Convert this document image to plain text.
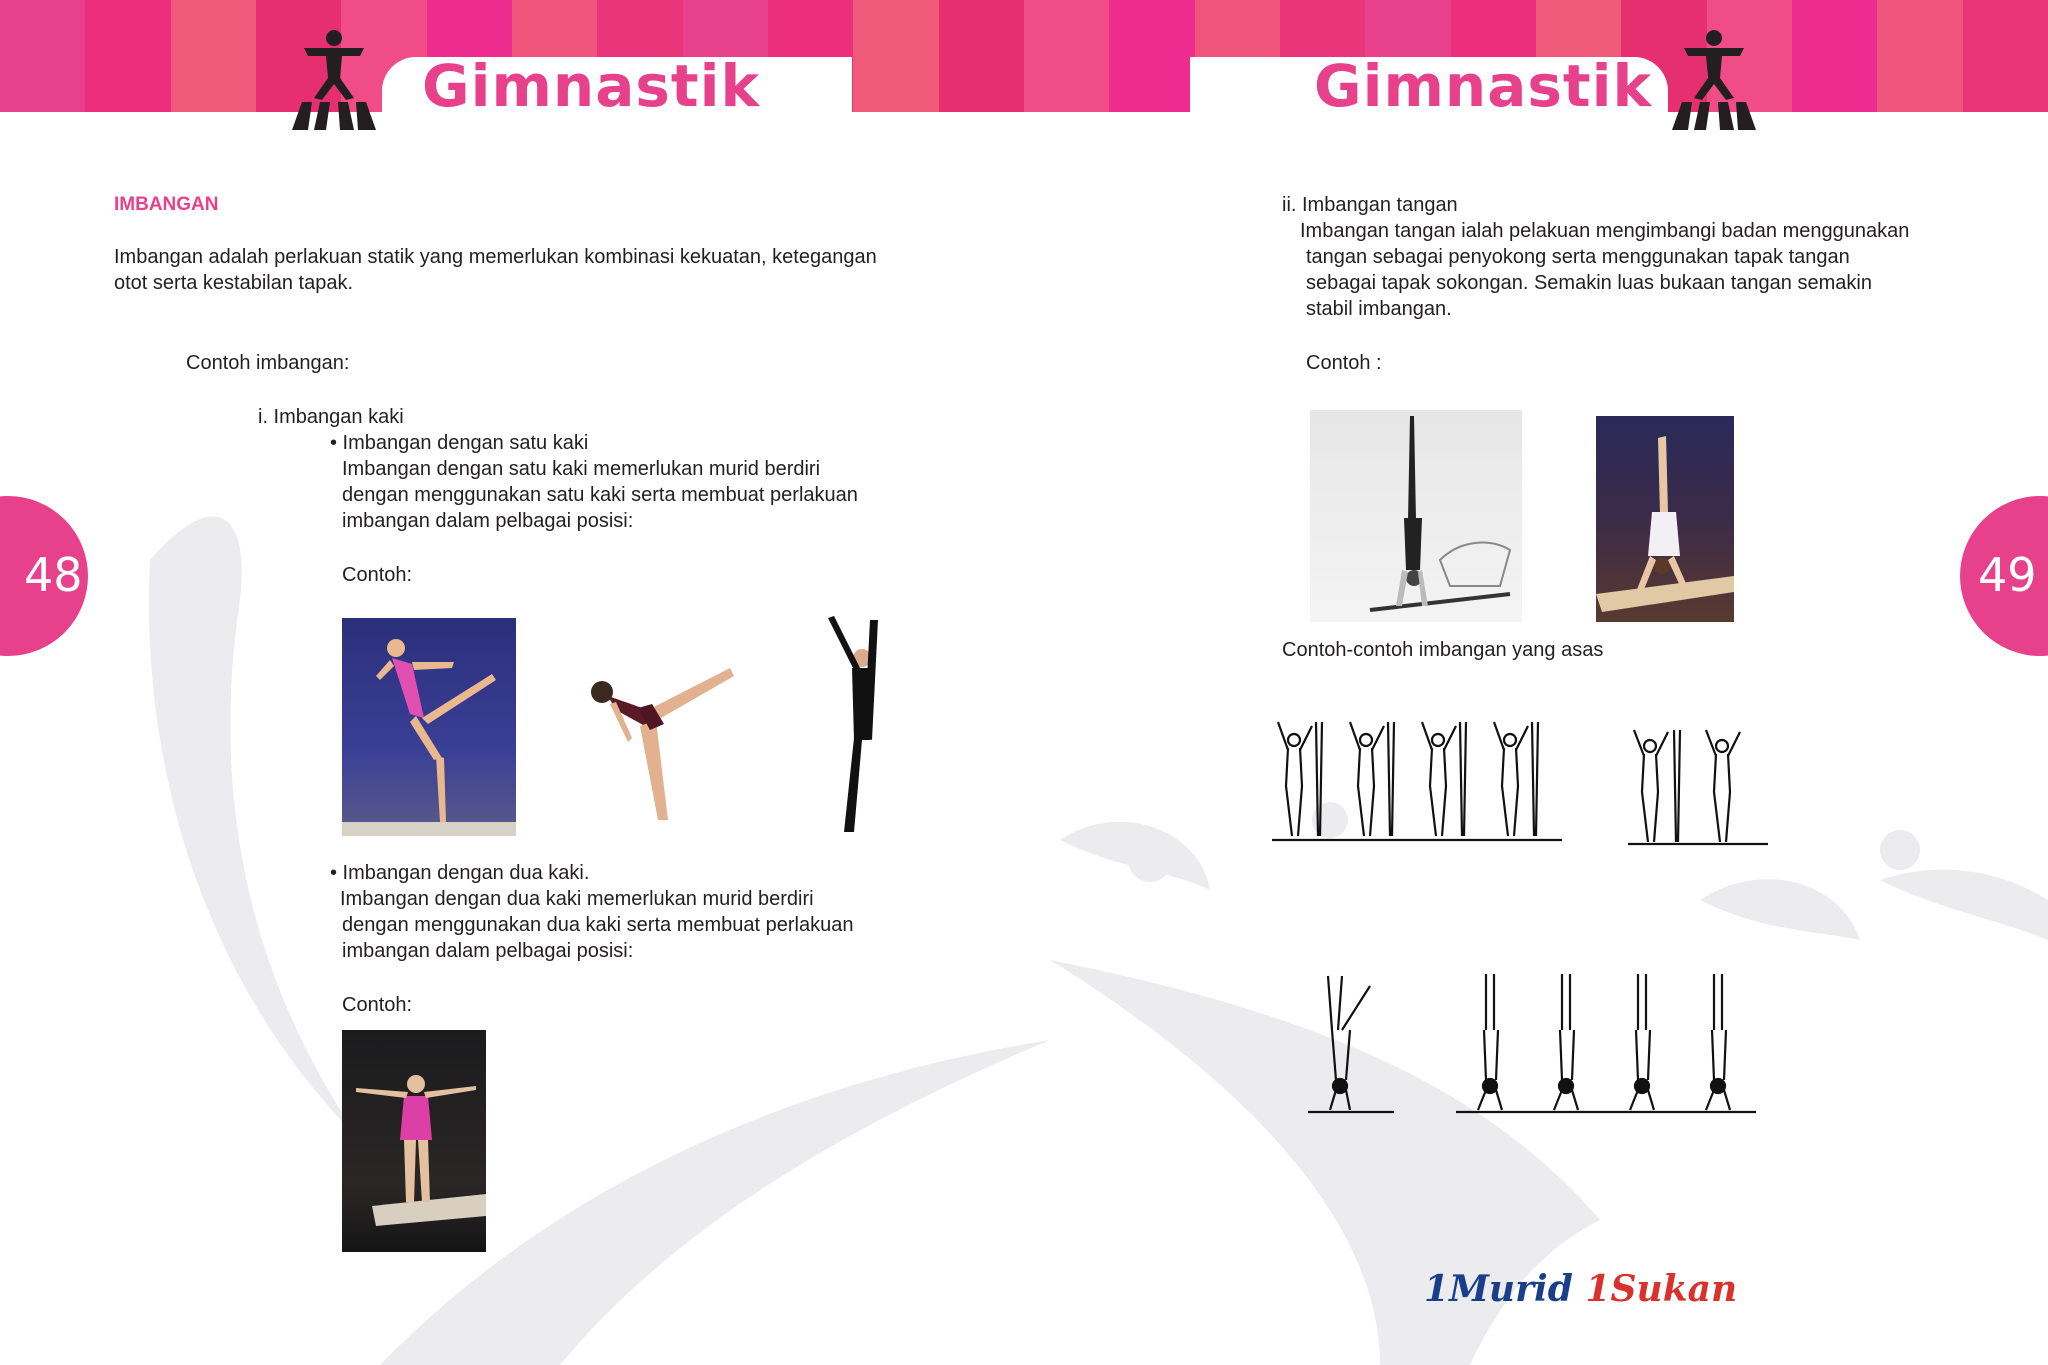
Gimnastik	Gimnastik
48	49
IMBANGAN
Imbangan adalah perlakuan statik yang memerlukan kombinasi kekuatan, ketegangan
otot serta kestabilan tapak.
Contoh imbangan:
i. Imbangan kaki
• Imbangan dengan satu kaki
Imbangan dengan satu kaki memerlukan murid berdiri
dengan menggunakan satu kaki serta membuat perlakuan
imbangan dalam pelbagai posisi:
Contoh:
• Imbangan dengan dua kaki.
Imbangan dengan dua kaki memerlukan murid berdiri
dengan menggunakan dua kaki serta membuat perlakuan
imbangan dalam pelbagai posisi:
Contoh:
ii. Imbangan tangan
Imbangan tangan ialah pelakuan mengimbangi badan menggunakan
tangan sebagai penyokong serta menggunakan tapak tangan
sebagai tapak sokongan. Semakin luas bukaan tangan semakin
stabil imbangan.
Contoh :
Contoh-contoh imbangan yang asas
1Murid 1Sukan
